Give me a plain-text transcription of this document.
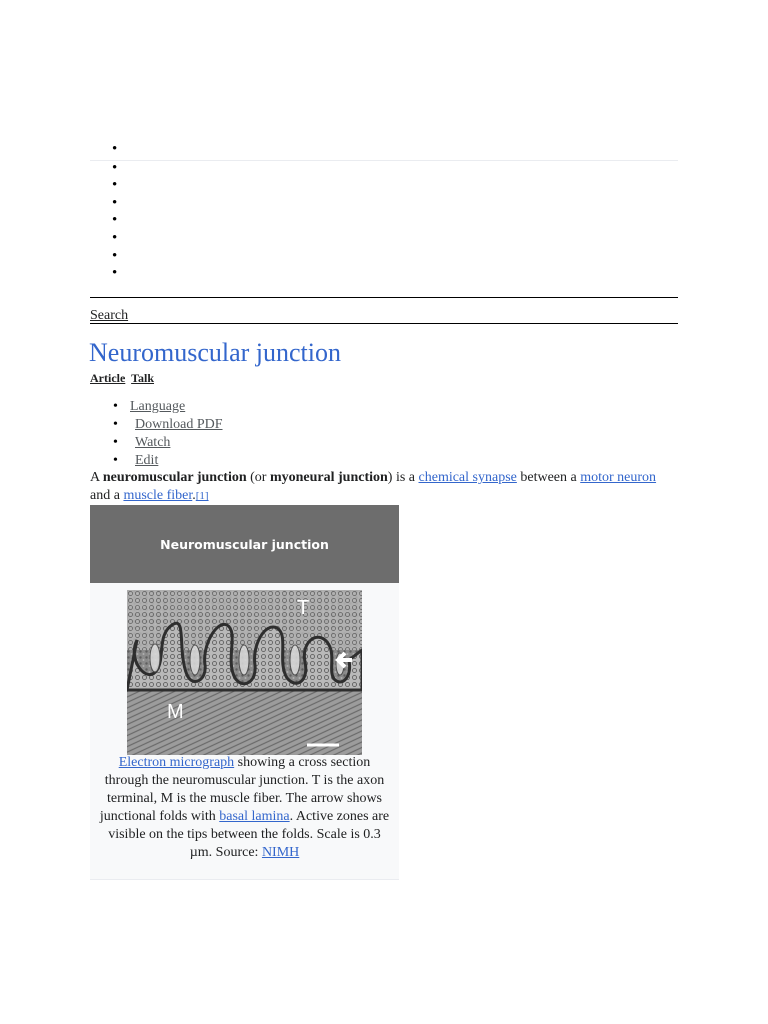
•
•
•
•
•
•
•
•
Search
Neuromuscular junction
Article Talk
• Language
• Download PDF
• Watch
• Edit

A neuromuscular junction (or myoneural junction) is a chemical synapse between a motor neuron and a muscle fiber.[1]

Neuromuscular junction
T
M

Electron micrograph showing a cross section through the neuromuscular junction. T is the axon terminal, M is the muscle fiber. The arrow shows junctional folds with basal lamina. Active zones are visible on the tips between the folds. Scale is 0.3 µm. Source: NIMH
